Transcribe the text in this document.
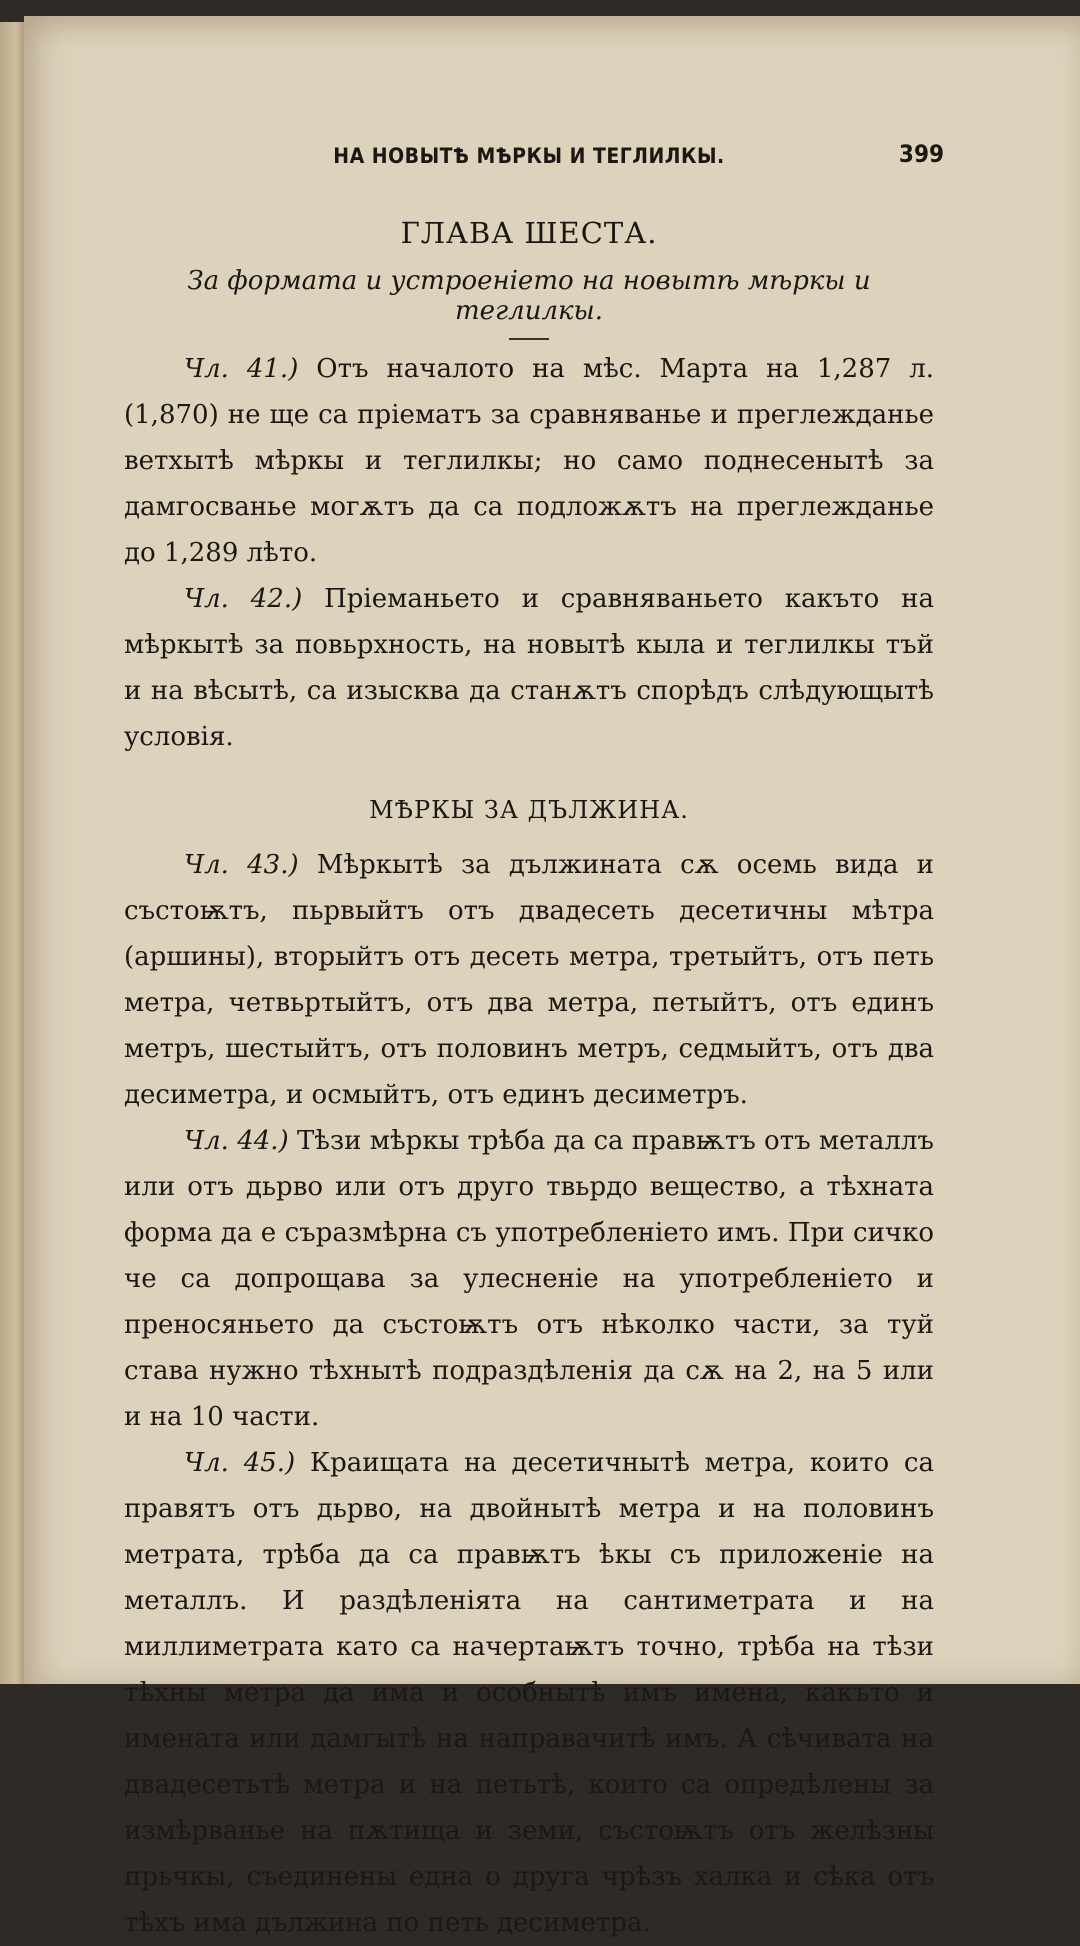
НА НОВЫТѢ МѢРКЫ И ТЕГЛИЛКЫ.	399
ГЛАВА ШЕСТА.
За формата и устроенiето на новытѣ мѣркы и теглилкы.

Чл. 41.) Отъ началото на мѣс. Марта на 1,287 л. (1,870) не ще са прiематъ за сравняванье и преглежданье ветхытѣ мѣркы и теглилкы; но само поднесенытѣ за дамгосванье могѫтъ да са подложѫтъ на преглежданье до 1,289 лѣто.

Чл. 42.) Прiеманьето и сравняваньето какъто на мѣркытѣ за повьрхность, на новытѣ кыла и теглилкы тъй и на вѣсытѣ, са изысква да станѫтъ спорѣдъ слѣдующытѣ условiя.

МѢРКЫ ЗА ДЪЛЖИНА.

Чл. 43.) Мѣркытѣ за дължината сѫ осемь вида и състоѭтъ, пьрвыйтъ отъ двадесеть десетичны мѣтра (аршины), вторыйтъ отъ десеть метра, третыйтъ, отъ петь метра, четвьртыйтъ, отъ два метра, петыйтъ, отъ единъ метръ, шестыйтъ, отъ половинъ метръ, седмыйтъ, отъ два десиметра, и осмыйтъ, отъ единъ десиметръ.

Чл. 44.) Тѣзи мѣркы трѣба да са правѭтъ отъ металлъ или отъ дьрво или отъ друго твьрдо вещество, а тѣхната форма да е съразмѣрна съ употребленiето имъ. При сичко че са допрощава за улесненiе на употребленiето и преносяньето да състоѭтъ отъ нѣколко части, за туй става нужно тѣхнытѣ подраздѣленiя да сѫ на 2, на 5 или и на 10 части.

Чл. 45.) Краищата на десетичнытѣ метра, които са правятъ отъ дьрво, на двойнытѣ метра и на половинъ метрата, трѣба да са правѭтъ ѣкы съ приложенiе на металлъ. И раздѣленiята на сантиметрата и на миллиметрата като са начертаѭтъ точно, трѣба на тѣзи тѣхны метра да има и особнытѣ имъ имена, какъто и имената или дамгытѣ на направачитѣ имъ. А сѣчивата на двадесетьтѣ метра и на петьтѣ, които са опредѣлены за измѣрванье на пѫтища и земи, състоѭтъ отъ желѣзны прьчкы, съединены една о друга чрѣзъ халка и сѣка отъ тѣхъ има дължина по петь десиметра.
